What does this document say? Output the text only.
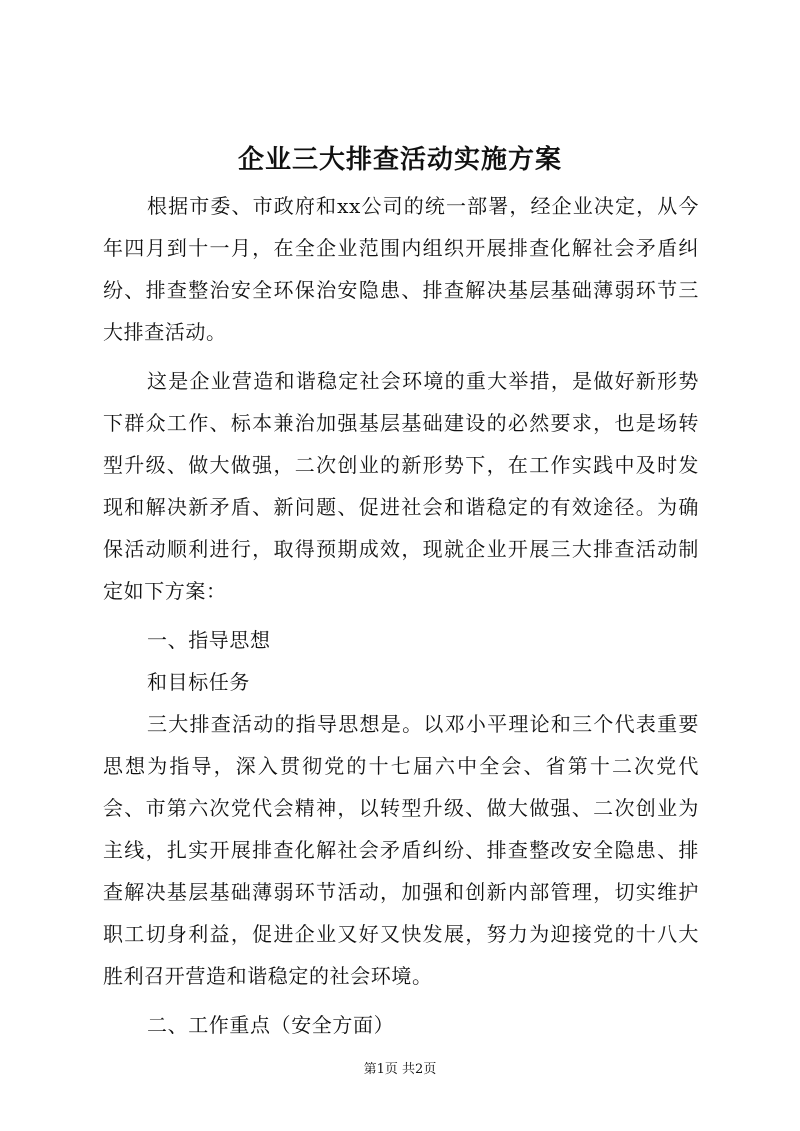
企业三大排查活动实施方案

根据市委、市政府和xx公司的统一部署，经企业决定，从今年四月到十一月，在全企业范围内组织开展排查化解社会矛盾纠纷、排查整治安全环保治安隐患、排查解决基层基础薄弱环节三大排查活动。

这是企业营造和谐稳定社会环境的重大举措，是做好新形势下群众工作、标本兼治加强基层基础建设的必然要求，也是场转型升级、做大做强，二次创业的新形势下，在工作实践中及时发现和解决新矛盾、新问题、促进社会和谐稳定的有效途径。为确保活动顺利进行，取得预期成效，现就企业开展三大排查活动制定如下方案：

一、指导思想

和目标任务

三大排查活动的指导思想是。以邓小平理论和三个代表重要思想为指导，深入贯彻党的十七届六中全会、省第十二次党代会、市第六次党代会精神，以转型升级、做大做强、二次创业为主线，扎实开展排查化解社会矛盾纠纷、排查整改安全隐患、排查解决基层基础薄弱环节活动，加强和创新内部管理，切实维护职工切身利益，促进企业又好又快发展，努力为迎接党的十八大胜利召开营造和谐稳定的社会环境。

二、工作重点（安全方面）

第1页 共2页
